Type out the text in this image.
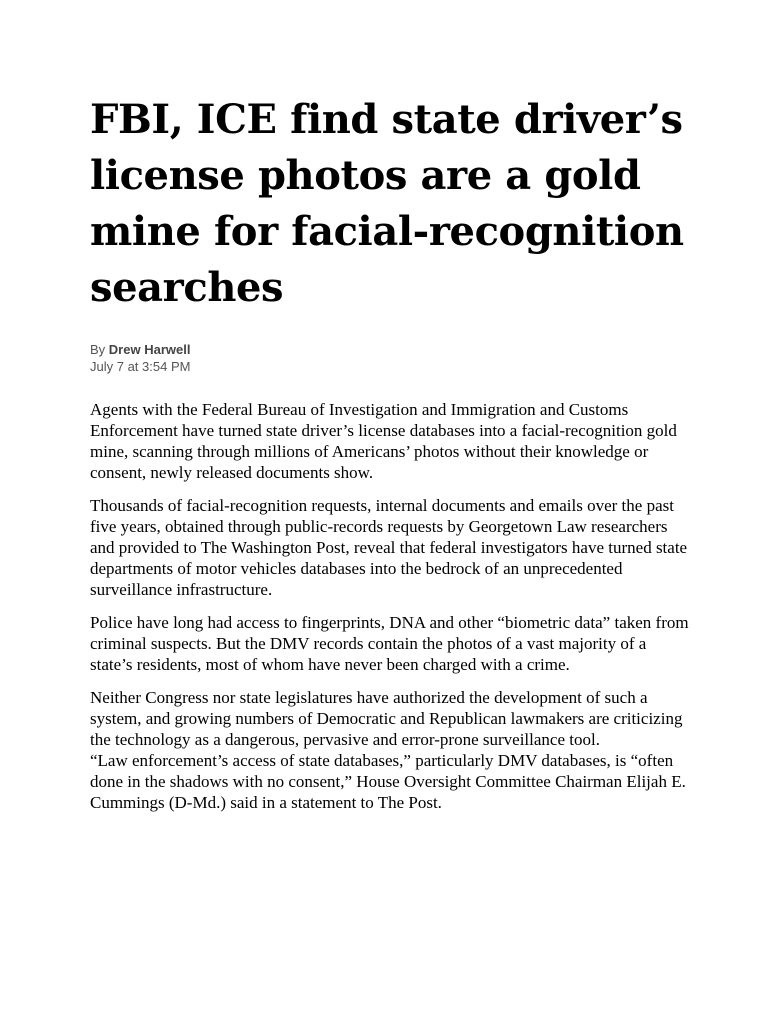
FBI, ICE find state driver’s license photos are a gold mine for facial-recognition searches
By Drew Harwell
July 7 at 3:54 PM

Agents with the Federal Bureau of Investigation and Immigration and Customs Enforcement have turned state driver’s license databases into a facial-recognition gold mine, scanning through millions of Americans’ photos without their knowledge or consent, newly released documents show.

Thousands of facial-recognition requests, internal documents and emails over the past five years, obtained through public-records requests by Georgetown Law researchers and provided to The Washington Post, reveal that federal investigators have turned state departments of motor vehicles databases into the bedrock of an unprecedented surveillance infrastructure.

Police have long had access to fingerprints, DNA and other “biometric data” taken from criminal suspects. But the DMV records contain the photos of a vast majority of a state’s residents, most of whom have never been charged with a crime.

Neither Congress nor state legislatures have authorized the development of such a system, and growing numbers of Democratic and Republican lawmakers are criticizing the technology as a dangerous, pervasive and error-prone surveillance tool.

“Law enforcement’s access of state databases,” particularly DMV databases, is “often done in the shadows with no consent,” House Oversight Committee Chairman Elijah E. Cummings (D-Md.) said in a statement to The Post.
